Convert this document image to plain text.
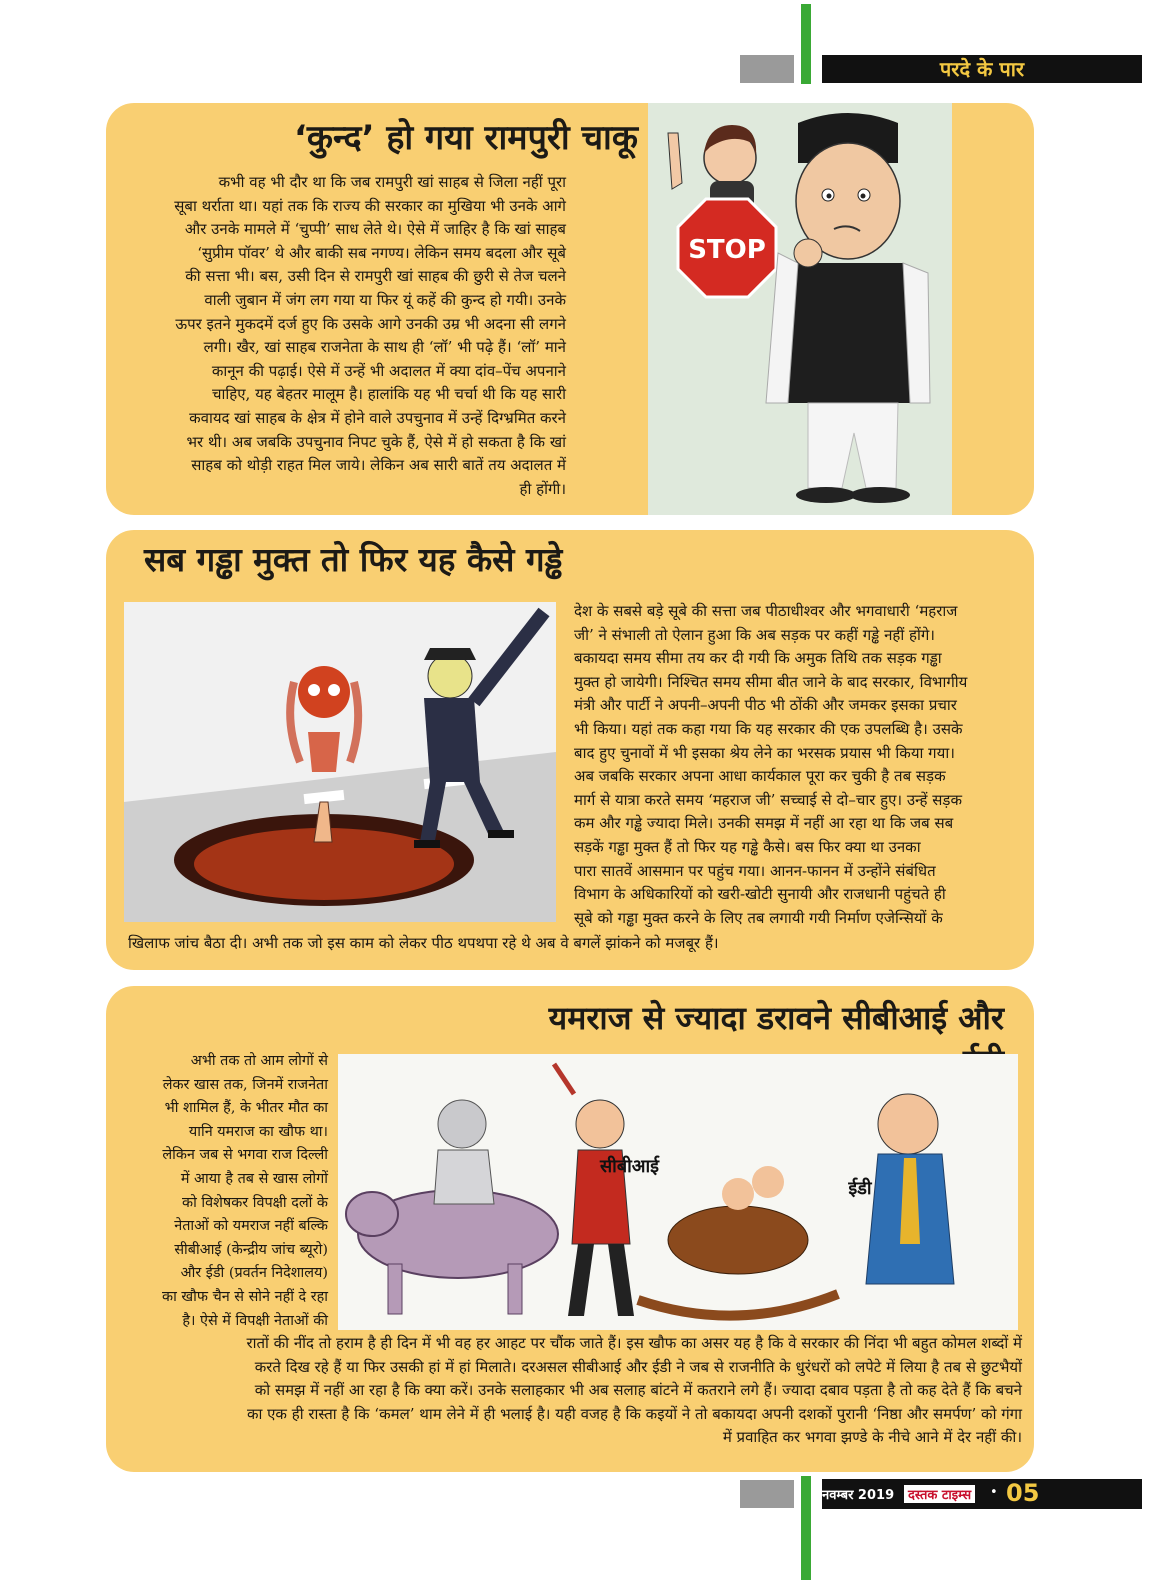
परदे के पार
‘कुन्द’ हो गया रामपुरी चाकू

कभी वह भी दौर था कि जब रामपुरी खां साहब से जिला नहीं पूरा

सूबा थर्राता था। यहां तक कि राज्य की सरकार का मुखिया भी उनके आगे

और उनके मामले में ‘चुप्पी’ साध लेते थे। ऐसे में जाहिर है कि खां साहब

‘सुप्रीम पॉवर’ थे और बाकी सब नगण्य। लेकिन समय बदला और सूबे

की सत्ता भी। बस, उसी दिन से रामपुरी खां साहब की छुरी से तेज चलने

वाली जुबान में जंग लग गया या फिर यूं कहें की कुन्द हो गयी। उनके

ऊपर इतने मुकदमें दर्ज हुए कि उसके आगे उनकी उम्र भी अदना सी लगने

लगी। खैर, खां साहब राजनेता के साथ ही ‘लॉ’ भी पढ़े हैं। ‘लॉ’ माने

कानून की पढ़ाई। ऐसे में उन्हें भी अदालत में क्या दांव–पेंच अपनाने

चाहिए, यह बेहतर मालूम है। हालांकि यह भी चर्चा थी कि यह सारी

कवायद खां साहब के क्षेत्र में होने वाले उपचुनाव में उन्हें दिग्भ्रमित करने

भर थी। अब जबकि उपचुनाव निपट चुके हैं, ऐसे में हो सकता है कि खां

साहब को थोड़ी राहत मिल जाये। लेकिन अब सारी बातें तय अदालत में

ही होंगी।

STOP
सब गड्ढा मुक्त तो फिर यह कैसे गड्ढे

देश के सबसे बड़े सूबे की सत्ता जब पीठाधीश्वर और भगवाधारी ‘महराज

जी’ ने संभाली तो ऐलान हुआ कि अब सड़क पर कहीं गड्ढे नहीं होंगे।

बकायदा समय सीमा तय कर दी गयी कि अमुक तिथि तक सड़क गड्ढा

मुक्त हो जायेगी। निश्चित समय सीमा बीत जाने के बाद सरकार, विभागीय

मंत्री और पार्टी ने अपनी–अपनी पीठ भी ठोंकी और जमकर इसका प्रचार

भी किया। यहां तक कहा गया कि यह सरकार की एक उपलब्धि है। उसके

बाद हुए चुनावों में भी इसका श्रेय लेने का भरसक प्रयास भी किया गया।

अब जबकि सरकार अपना आधा कार्यकाल पूरा कर चुकी है तब सड़क

मार्ग से यात्रा करते समय ‘महराज जी’ सच्चाई से दो–चार हुए। उन्हें सड़क

कम और गड्ढे ज्यादा मिले। उनकी समझ में नहीं आ रहा था कि जब सब

सड़कें गड्ढा मुक्त हैं तो फिर यह गड्ढे कैसे। बस फिर क्या था उनका

पारा सातवें आसमान पर पहुंच गया। आनन-फानन में उन्होंने संबंधित

विभाग के अधिकारियों को खरी-खोटी सुनायी और राजधानी पहुंचते ही

सूबे को गड्ढा मुक्त करने के लिए तब लगायी गयी निर्माण एजेन्सियों के

खिलाफ जांच बैठा दी। अभी तक जो इस काम को लेकर पीठ थपथपा रहे थे अब वे बगलें झांकने को मजबूर हैं।
यमराज से ज्यादा डरावने सीबीआई और

अभी तक तो आम लोगों से

लेकर खास तक, जिनमें राजनेता

भी शामिल हैं, के भीतर मौत का

यानि यमराज का खौफ था।

लेकिन जब से भगवा राज दिल्ली

में आया है तब से खास लोगों

को विशेषकर विपक्षी दलों के

नेताओं को यमराज नहीं बल्कि

सीबीआई (केन्द्रीय जांच ब्यूरो)

और ईडी (प्रवर्तन निदेशालय)

का खौफ चैन से सोने नहीं दे रहा

है। ऐसे में विपक्षी नेताओं की

सीबीआई
ईडी

रातों की नींद तो हराम है ही दिन में भी वह हर आहट पर चौंक जाते हैं। इस खौफ का असर यह है कि वे सरकार की निंदा भी बहुत कोमल शब्दों में

करते दिख रहे हैं या फिर उसकी हां में हां मिलाते। दरअसल सीबीआई और ईडी ने जब से राजनीति के धुरंधरों को लपेटे में लिया है तब से छुटभैयों

को समझ में नहीं आ रहा है कि क्या करें। उनके सलाहकार भी अब सलाह बांटने में कतराने लगे हैं। ज्यादा दबाव पड़ता है तो कह देते हैं कि बचने

का एक ही रास्ता है कि ‘कमल’ थाम लेने में ही भलाई है। यही वजह है कि कइयों ने तो बकायदा अपनी दशकों पुरानी ‘निष्ठा और समर्पण’ को गंगा

में प्रवाहित कर भगवा झण्डे के नीचे आने में देर नहीं की।

नवम्बर 2019	दस्तक टाइम्स	• 05
